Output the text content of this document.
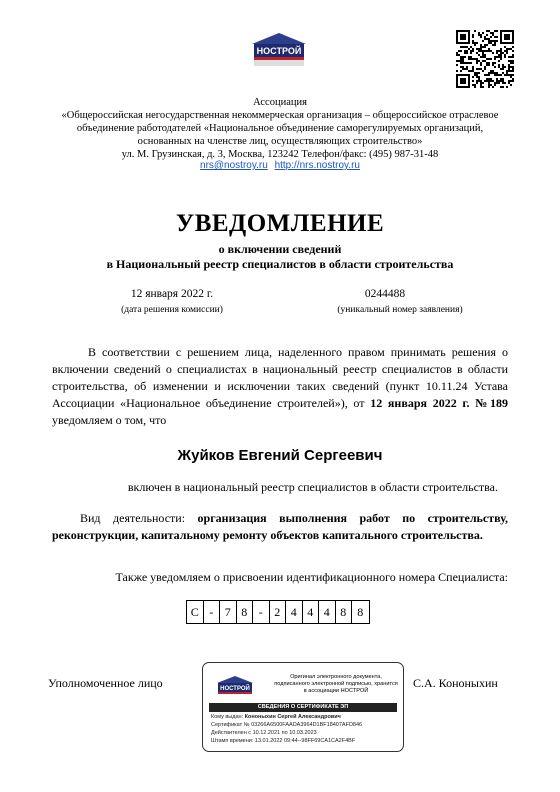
НОСТРОЙ
Ассоциация
«Общероссийская негосударственная некоммерческая организация – общероссийское отраслевое
объединение работодателей «Национальное объединение саморегулируемых организаций,
основанных на членстве лиц, осуществляющих строительство»
ул. М. Грузинская, д. 3, Москва, 123242 Телефон/факс: (495) 987-31-48
nrs@nostroy.ru http://nrs.nostroy.ru
УВЕДОМЛЕНИЕ
о включении сведений
в Национальный реестр специалистов в области строительства
12 января 2022 г.
(дата решения комиссии)
0244488
(уникальный номер заявления)
В соответствии с решением лица, наделенного правом принимать решения о включении сведений о специалистах в национальный реестр специалистов в области строительства, об изменении и исключении таких сведений (пункт 10.11.24 Устава Ассоциации «Национальное объединение строителей»), от 12 января 2022 г. №189 уведомляем о том, что
Жуйков Евгений Сергеевич
включен в национальный реестр специалистов в области строительства.
Вид деятельности: организация выполнения работ по строительству, реконструкции, капитальному ремонту объектов капитального строительства.
Также уведомляем о присвоении идентификационного номера Специалиста:
С - 7 8 - 2 4 4 4 8 8
Уполномоченное лицо	С.А. Кононыхин
НОСТРОЙ
Оригинал электронного документа, подписанного электронной подписью, хранится в ассоциации НОСТРОЙ
СВЕДЕНИЯ О СЕРТИФИКАТЕ ЭП
Кому выдан: Кононыхин Сергей Александрович
Сертификат № 03266A6500FAADA3964D1BF18407AFD846
Действителен с 10.12.2021 по 10.03.2023
Штамп времени: 13.01.2022 09:44--98FF69CA1CA2F4BF
